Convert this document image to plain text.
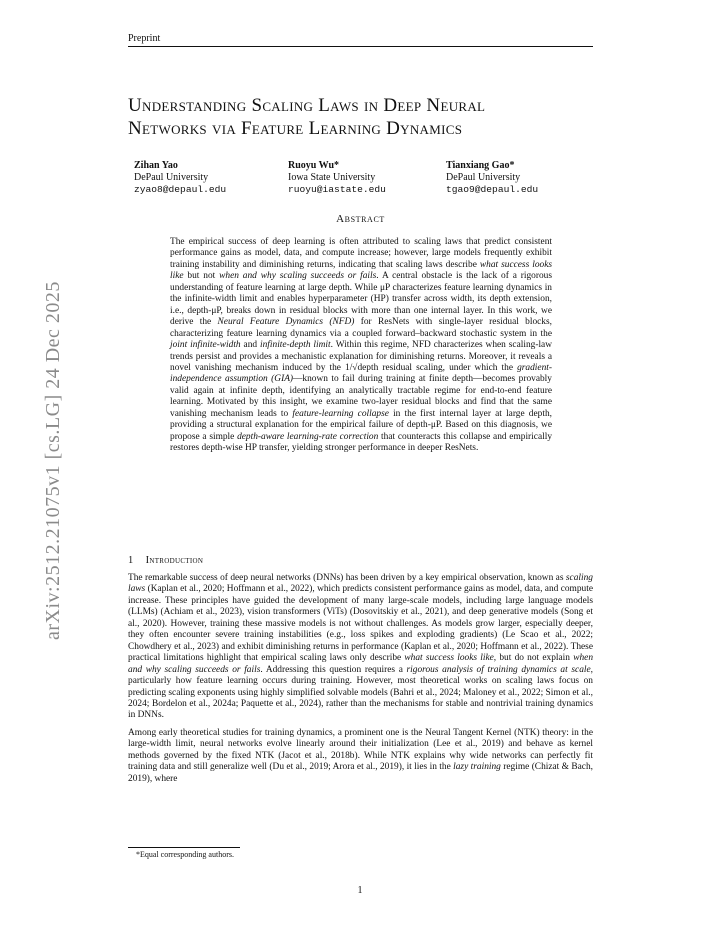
Preprint
arXiv:2512.21075v1 [cs.LG] 24 Dec 2025
Understanding Scaling Laws in Deep Neural
Networks via Feature Learning Dynamics
Zihan Yao
DePaul University
zyao8@depaul.edu
Ruoyu Wu*
Iowa State University
ruoyu@iastate.edu
Tianxiang Gao*
DePaul University
tgao9@depaul.edu
Abstract
The empirical success of deep learning is often attributed to scaling laws that predict consistent performance gains as model, data, and compute increase; however, large models frequently exhibit training instability and diminishing returns, indicating that scaling laws describe what success looks like but not when and why scaling succeeds or fails. A central obstacle is the lack of a rigorous understanding of feature learning at large depth. While μP characterizes feature learning dynamics in the infinite-width limit and enables hyperparameter (HP) transfer across width, its depth extension, i.e., depth-μP, breaks down in residual blocks with more than one internal layer. In this work, we derive the Neural Feature Dynamics (NFD) for ResNets with single-layer residual blocks, characterizing feature learning dynamics via a coupled forward–backward stochastic system in the joint infinite-width and infinite-depth limit. Within this regime, NFD characterizes when scaling-law trends persist and provides a mechanistic explanation for diminishing returns. Moreover, it reveals a novel vanishing mechanism induced by the 1/√depth residual scaling, under which the gradient-independence assumption (GIA)—known to fail during training at finite depth—becomes provably valid again at infinite depth, identifying an analytically tractable regime for end-to-end feature learning. Motivated by this insight, we examine two-layer residual blocks and find that the same vanishing mechanism leads to feature-learning collapse in the first internal layer at large depth, providing a structural explanation for the empirical failure of depth-μP. Based on this diagnosis, we propose a simple depth-aware learning-rate correction that counteracts this collapse and empirically restores depth-wise HP transfer, yielding stronger performance in deeper ResNets.
1 Introduction

The remarkable success of deep neural networks (DNNs) has been driven by a key empirical observation, known as scaling laws (Kaplan et al., 2020; Hoffmann et al., 2022), which predicts consistent performance gains as model, data, and compute increase. These principles have guided the development of many large-scale models, including large language models (LLMs) (Achiam et al., 2023), vision transformers (ViTs) (Dosovitskiy et al., 2021), and deep generative models (Song et al., 2020). However, training these massive models is not without challenges. As models grow larger, especially deeper, they often encounter severe training instabilities (e.g., loss spikes and exploding gradients) (Le Scao et al., 2022; Chowdhery et al., 2023) and exhibit diminishing returns in performance (Kaplan et al., 2020; Hoffmann et al., 2022). These practical limitations highlight that empirical scaling laws only describe what success looks like, but do not explain when and why scaling succeeds or fails. Addressing this question requires a rigorous analysis of training dynamics at scale, particularly how feature learning occurs during training. However, most theoretical works on scaling laws focus on predicting scaling exponents using highly simplified solvable models (Bahri et al., 2024; Maloney et al., 2022; Simon et al., 2024; Bordelon et al., 2024a; Paquette et al., 2024), rather than the mechanisms for stable and nontrivial training dynamics in DNNs.

Among early theoretical studies for training dynamics, a prominent one is the Neural Tangent Kernel (NTK) theory: in the large-width limit, neural networks evolve linearly around their initialization (Lee et al., 2019) and behave as kernel methods governed by the fixed NTK (Jacot et al., 2018b). While NTK explains why wide networks can perfectly fit training data and still generalize well (Du et al., 2019; Arora et al., 2019), it lies in the lazy training regime (Chizat & Bach, 2019), where

*Equal corresponding authors.
1
